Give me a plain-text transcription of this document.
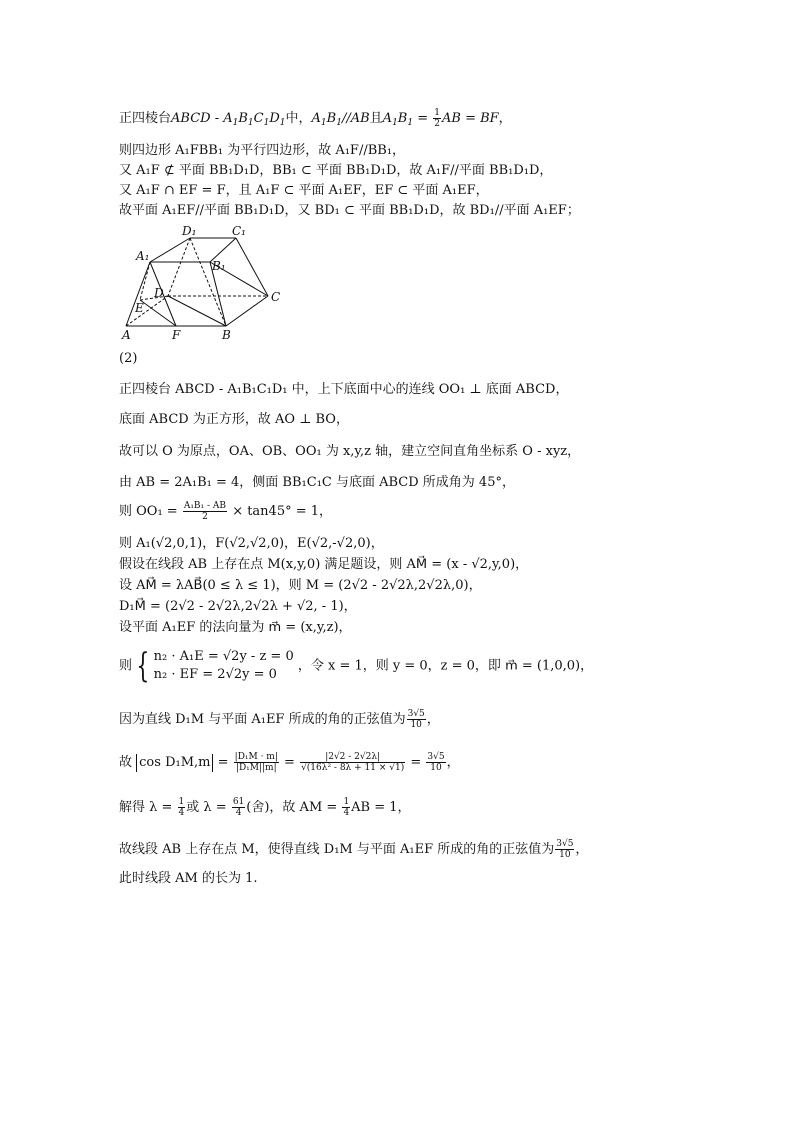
正四棱台ABCD - $A_1B_1C_1D_1$中，$A_1B_1//AB$且$A_1B_1 = \frac{1}{2}$ AB = BF，
则四边形 A₁FBB₁ 为平行四边形，故 A₁F//BB₁，
又 A₁F ⊄ 平面 BB₁D₁D，BB₁ ⊂ 平面 BB₁D₁D，故 A₁F//平面 BB₁D₁D，
又 A₁F ∩ EF = F，且 A₁F ⊂ 平面 A₁EF，EF ⊂ 平面 A₁EF，
故平面 A₁EF//平面 BB₁D₁D，又 BD₁ ⊂ 平面 BB₁D₁D，故 BD₁//平面 A₁EF；
D₁	C₁
A₁
B₁
D	C
E
A	F	B
(2)
正四棱台 ABCD - A₁B₁C₁D₁ 中，上下底面中心的连线 OO₁ ⊥ 底面 ABCD，
底面 ABCD 为正方形，故 AO ⊥ BO，
故可以 O 为原点，OA、OB、OO₁ 为 x,y,z 轴，建立空间直角坐标系 O - xyz，
由 AB = 2A₁B₁ = 4，侧面 BB₁C₁C 与底面 ABCD 所成角为 45°，
则 $OO_1 = \frac{\text{A₁B₁ - AB}}{2} \times \tan 45^\circ = 1$，
则 A₁(√2,0,1)，F(√2,√2,0)，E(√2,-√2,0)，
假设在线段 AB 上存在点 M(x,y,0) 满足题设，则 AM⃗ = (x - √2,y,0)，
设 AM⃗ = λAB⃗(0 ≤ λ ≤ 1)，则 M = (2√2 - 2√2λ,2√2λ,0)，
D₁M⃗ = (2√2 - 2√2λ,2√2λ + √2, - 1)，
设平面 A₁EF 的法向量为 m⃗ = (x,y,z)，
则 { n₂ · A₁E = √2y - z = 0
n₂ · EF = 2√2y = 0
，令 x = 1，则 y = 0，z = 0，即 m⃗ = (1,0,0)，
因为直线 D₁M 与平面 A₁EF 所成的角的正弦值为 $\frac{3√5}{10}$ ，
故 $\cos D_1M,m = \frac{\text{|D₁M · m|}}{\text{|D₁M||m|}} = \frac{|2√2 - 2√2\lambda|}{\text{√(16λ² - 8λ + 11 × √1)}} = \frac{3√5}{10}$ ，
解得 $\lambda = \frac{1}{4}$ 或 $\lambda = \frac{61}{4}$ (舍)，故 AM = $\frac{1}{4}$ AB = 1，
故线段 AB 上存在点 M，使得直线 D₁M 与平面 A₁EF 所成的角的正弦值为 $\frac{3√5}{10}$ ，
此时线段 AM 的长为 1.
